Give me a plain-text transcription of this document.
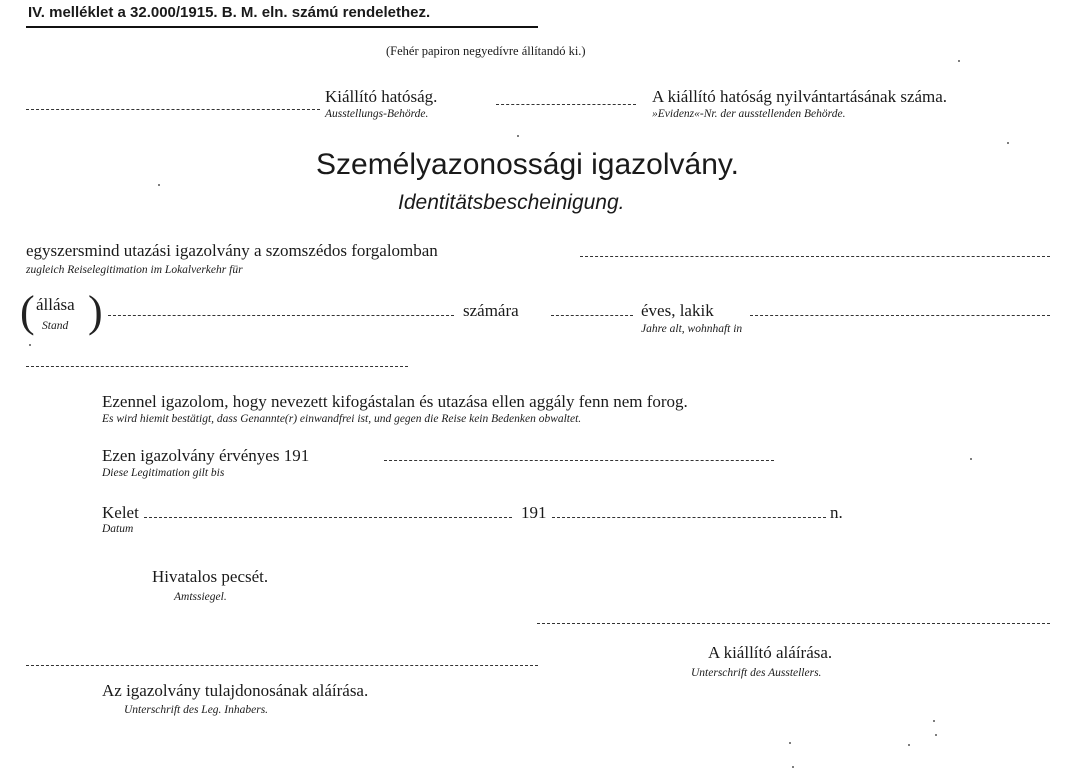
IV. melléklet a 32.000/1915. B. M. eln. számú rendelethez.
(Fehér papiron negyedívre állítandó ki.)
Kiállító hatóság.
Ausstellungs-Behörde.
A kiállító hatóság nyilvántartásának száma.
»Evidenz«-Nr. der ausstellenden Behörde.
Személyazonossági igazolvány.
Identitätsbescheinigung.
egyszersmind utazási igazolvány a szomszédos forgalomban
zugleich Reiselegitimation im Lokalverkehr für
( állása
Stand )	számára	éves, lakik
Jahre alt, wohnhaft in
Ezennel igazolom, hogy nevezett kifogástalan és utazása ellen aggály fenn nem forog.
Es wird hiemit bestätigt, dass Genannte(r) einwandfrei ist, und gegen die Reise kein Bedenken obwaltet.
Ezen igazolvány érvényes 191
Diese Legitimation gilt bis
Kelet	191	n.
Datum
Hivatalos pecsét.
Amtssiegel.
A kiállító aláírása.
Unterschrift des Ausstellers.
Az igazolvány tulajdonosának aláírása.
Unterschrift des Leg. Inhabers.
